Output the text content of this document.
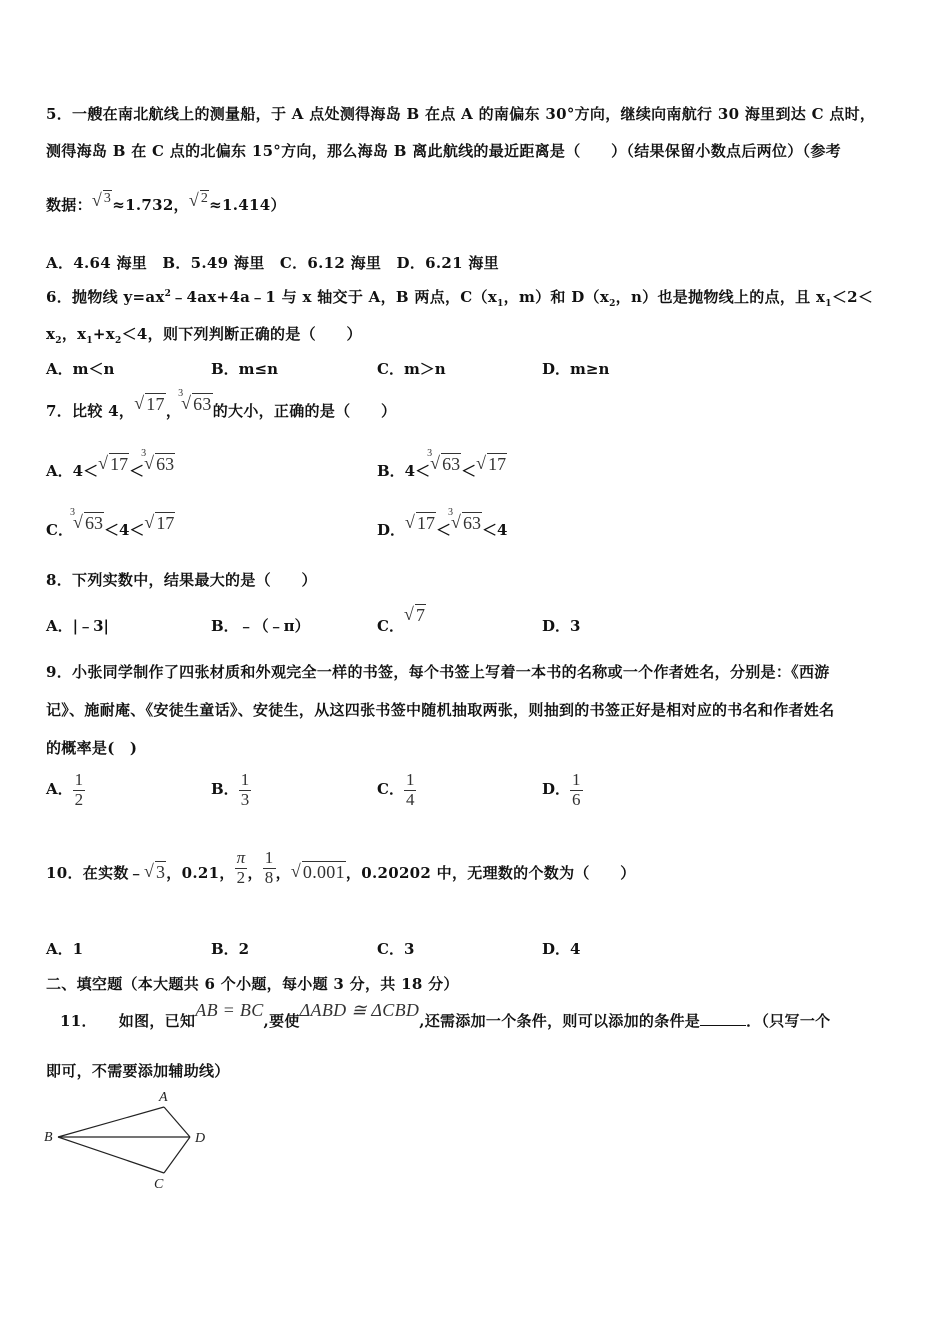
5．一艘在南北航线上的测量船，于 A 点处测得海岛 B 在点 A 的南偏东 30°方向，继续向南航行 30 海里到达 C 点时，
测得海岛 B 在 C 点的北偏东 15°方向，那么海岛 B 离此航线的最近距离是（　　）（结果保留小数点后两位）（参考
数据： √ 3≈1.732， √ 2≈1.414）
A．4.64 海里　B．5.49 海里　C．6.12 海里　D．6.21 海里
6．抛物线 $y=ax^2﹣4ax+4a﹣1$ 与 x 轴交于 A，B 两点，$C(x_1$，m）和 $D(x_2$，n）也是抛物线上的点，且 $x_1<2<$
$x_2$，$x_1+x_2<4$，则下列判断正确的是（　　）
A．m＜n	B．m≤n	C．m＞n	D．m≥n
7．比较 4， √ 17，
√ 3
63的大小，正确的是（　　）
A．4＜ √ 17＜
√ 3
63	B．4＜
√ 3
63＜ √ 17
C．
√ 3
63＜4＜ √ 17	D． √ 17＜
√ 3
63＜4
8．下列实数中，结果最大的是（　　）
A．|﹣3|	B．﹣（﹣π）	C．√ 7
D．3
9．小张同学制作了四张材质和外观完全一样的书签，每个书签上写着一本书的名称或一个作者姓名，分别是：《西游
记》、施耐庵、《安徒生童话》、安徒生，从这四张书签中随机抽取两张，则抽到的书签正好是相对应的书名和作者姓名
的概率是(　)
A． $\frac{1}{2}$	B． $\frac{1}{3}$	C． $\frac{1}{4}$	D． $\frac{1}{6}$
10．在实数﹣ √ 3，0.21， $\frac{\pi}{2}$ ， $\frac{1}{8}$ ， √ 0.001，0.20202 中，无理数的个数为（　　）
A．1	B．2	C．3	D．4
二、填空题（本大题共 6 个小题，每小题 3 分，共 18 分）
11． 如图，已知AB = BC,要使ΔABD ≅ ΔCBD,还需添加一个条件，则可以添加的条件是	．（只写一个
即可，不需要添加辅助线）
A
B	D
C
